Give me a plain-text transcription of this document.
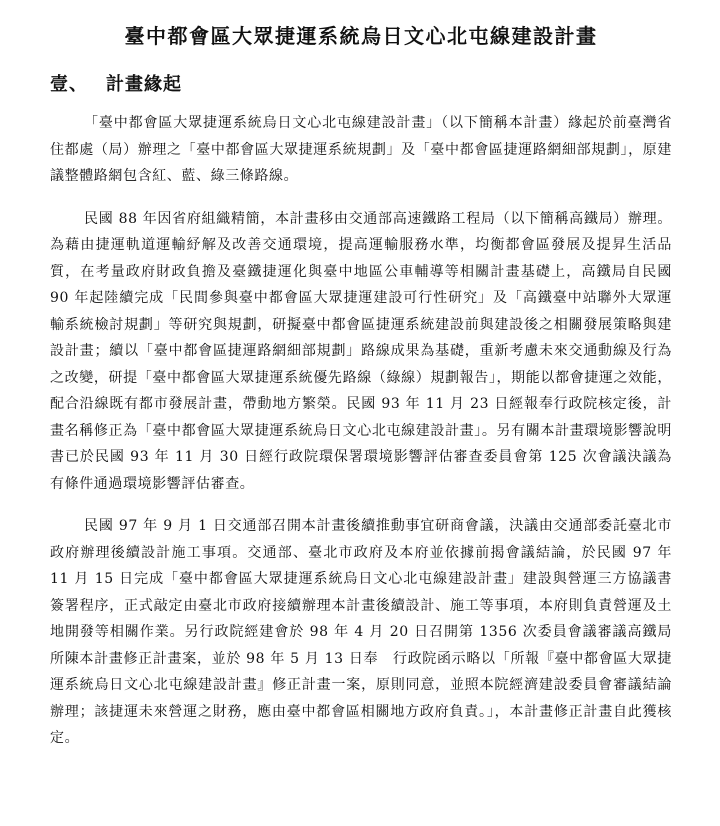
臺中都會區大眾捷運系統烏日文心北屯線建設計畫
壹、	計畫緣起

「臺中都會區大眾捷運系統烏日文心北屯線建設計畫」（以下簡稱本計畫）緣起於前臺灣省住都處（局）辦理之「臺中都會區大眾捷運系統規劃」及「臺中都會區捷運路網細部規劃」，原建議整體路網包含紅、藍、綠三條路線。

民國 88 年因省府組織精簡，本計畫移由交通部高速鐵路工程局（以下簡稱高鐵局）辦理。為藉由捷運軌道運輸紓解及改善交通環境，提高運輸服務水準，均衡都會區發展及提昇生活品質，在考量政府財政負擔及臺鐵捷運化與臺中地區公車輔導等相關計畫基礎上，高鐵局自民國 90 年起陸續完成「民間參與臺中都會區大眾捷運建設可行性研究」及「高鐵臺中站聯外大眾運輸系統檢討規劃」等研究與規劃，研擬臺中都會區捷運系統建設前與建設後之相關發展策略與建設計畫；續以「臺中都會區捷運路網細部規劃」路線成果為基礎，重新考慮未來交通動線及行為之改變，研提「臺中都會區大眾捷運系統優先路線（綠線）規劃報告」，期能以都會捷運之效能，配合沿線既有都市發展計畫，帶動地方繁榮。民國 93 年 11 月 23 日經報奉行政院核定後，計畫名稱修正為「臺中都會區大眾捷運系統烏日文心北屯線建設計畫」。另有關本計畫環境影響說明書已於民國 93 年 11 月 30 日經行政院環保署環境影響評估審查委員會第 125 次會議決議為有條件通過環境影響評估審查。

民國 97 年 9 月 1 日交通部召開本計畫後續推動事宜研商會議，決議由交通部委託臺北市政府辦理後續設計施工事項。交通部、臺北市政府及本府並依據前揭會議結論，於民國 97 年 11 月 15 日完成「臺中都會區大眾捷運系統烏日文心北屯線建設計畫」建設與營運三方協議書簽署程序，正式敲定由臺北市政府接續辦理本計畫後續設計、施工等事項，本府則負責營運及土地開發等相關作業。另行政院經建會於 98 年 4 月 20 日召開第 1356 次委員會議審議高鐵局所陳本計畫修正計畫案，並於 98 年 5 月 13 日奉　行政院函示略以「所報『臺中都會區大眾捷運系統烏日文心北屯線建設計畫』修正計畫一案，原則同意，並照本院經濟建設委員會審議結論辦理；該捷運未來營運之財務，應由臺中都會區相關地方政府負責。」，本計畫修正計畫自此獲核定。
